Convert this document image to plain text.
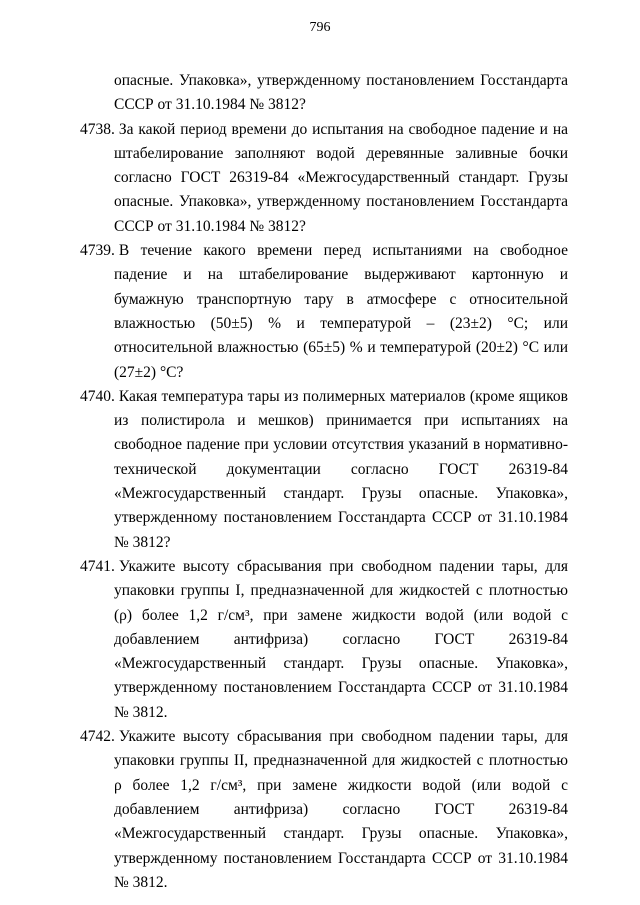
796

опасные. Упаковка», утвержденному постановлением Госстандарта СССР от 31.10.1984 № 3812?

4738. За какой период времени до испытания на свободное падение и на штабелирование заполняют водой деревянные заливные бочки согласно ГОСТ 26319-84 «Межгосударственный стандарт. Грузы опасные. Упаковка», утвержденному постановлением Госстандарта СССР от 31.10.1984 № 3812?

4739. В течение какого времени перед испытаниями на свободное падение и на штабелирование выдерживают картонную и бумажную транспортную тару в атмосфере с относительной влажностью (50±5) % и температурой – (23±2) °С; или относительной влажностью (65±5) % и температурой (20±2) °С или (27±2) °С?

4740. Какая температура тары из полимерных материалов (кроме ящиков из полистирола и мешков) принимается при испытаниях на свободное падение при условии отсутствия указаний в нормативно-технической документации согласно ГОСТ 26319-84 «Межгосударственный стандарт. Грузы опасные. Упаковка», утвержденному постановлением Госстандарта СССР от 31.10.1984 № 3812?

4741. Укажите высоту сбрасывания при свободном падении тары, для упаковки группы I, предназначенной для жидкостей с плотностью (ρ) более 1,2 г/см³, при замене жидкости водой (или водой с добавлением антифриза) согласно ГОСТ 26319-84 «Межгосударственный стандарт. Грузы опасные. Упаковка», утвержденному постановлением Госстандарта СССР от 31.10.1984 № 3812.

4742. Укажите высоту сбрасывания при свободном падении тары, для упаковки группы II, предназначенной для жидкостей с плотностью ρ более 1,2 г/см³, при замене жидкости водой (или водой с добавлением антифриза) согласно ГОСТ 26319-84 «Межгосударственный стандарт. Грузы опасные. Упаковка», утвержденному постановлением Госстандарта СССР от 31.10.1984 № 3812.
